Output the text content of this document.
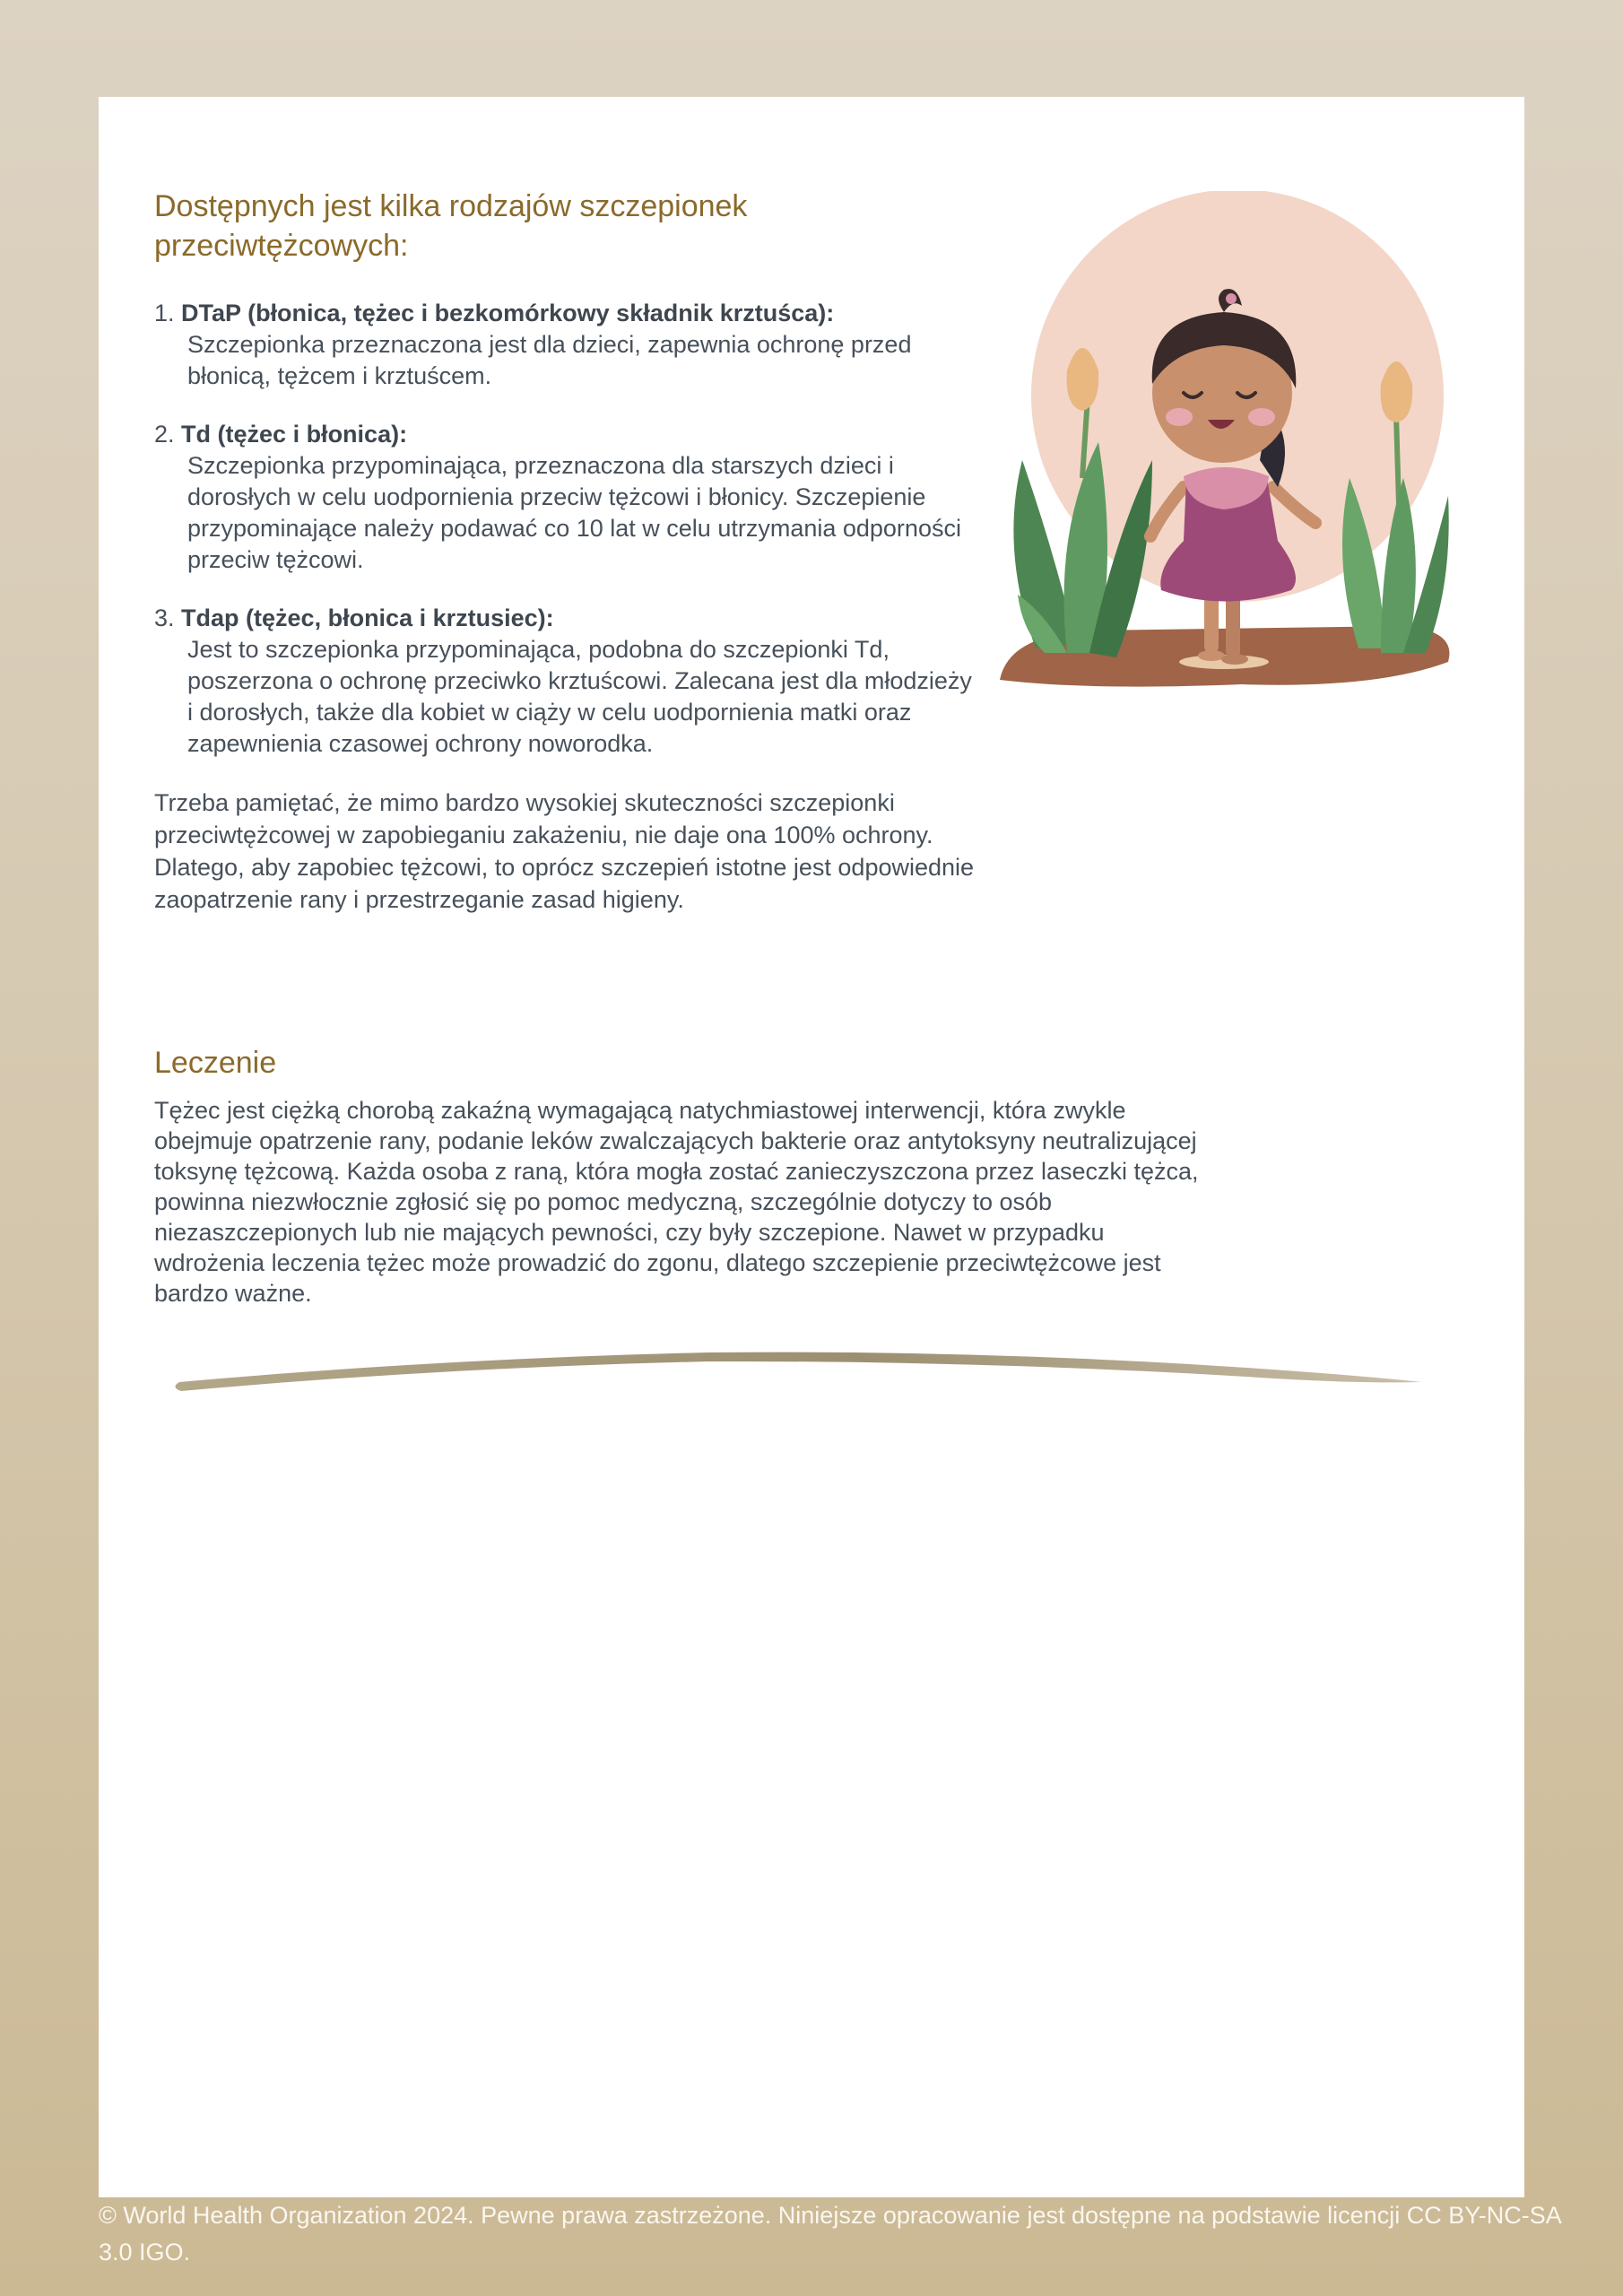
Dostępnych jest kilka rodzajów szczepionek przeciwtężcowych:
1. DTaP (błonica, tężec i bezkomórkowy składnik krztuśca):
Szczepionka przeznaczona jest dla dzieci, zapewnia ochronę przed błonicą, tężcem i krztuścem.
2. Td (tężec i błonica):
Szczepionka przypominająca, przeznaczona dla starszych dzieci i dorosłych w celu uodpornienia przeciw tężcowi i błonicy. Szczepienie przypominające należy podawać co 10 lat w celu utrzymania odporności przeciw tężcowi.
3. Tdap (tężec, błonica i krztusiec):
Jest to szczepionka przypominająca, podobna do szczepionki Td, poszerzona o ochronę przeciwko krztuścowi. Zalecana jest dla młodzieży i dorosłych, także dla kobiet w ciąży w celu uodpornienia matki oraz zapewnienia czasowej ochrony noworodka.

Trzeba pamiętać, że mimo bardzo wysokiej skuteczności szczepionki przeciwtężcowej w zapobieganiu zakażeniu, nie daje ona 100% ochrony. Dlatego, aby zapobiec tężcowi, to oprócz szczepień istotne jest odpowiednie zaopatrzenie rany i przestrzeganie zasad higieny.

Leczenie

Tężec jest ciężką chorobą zakaźną wymagającą natychmiastowej interwencji, która zwykle obejmuje opatrzenie rany, podanie leków zwalczających bakterie oraz antytoksyny neutralizującej toksynę tężcową. Każda osoba z raną, która mogła zostać zanieczyszczona przez laseczki tężca, powinna niezwłocznie zgłosić się po pomoc medyczną, szczególnie dotyczy to osób niezaszczepionych lub nie mających pewności, czy były szczepione. Nawet w przypadku wdrożenia leczenia tężec może prowadzić do zgonu, dlatego szczepienie przeciwtężcowe jest bardzo ważne.

© World Health Organization 2024. Pewne prawa zastrzeżone. Niniejsze opracowanie jest dostępne na podstawie licencji CC BY-NC-SA 3.0 IGO.
